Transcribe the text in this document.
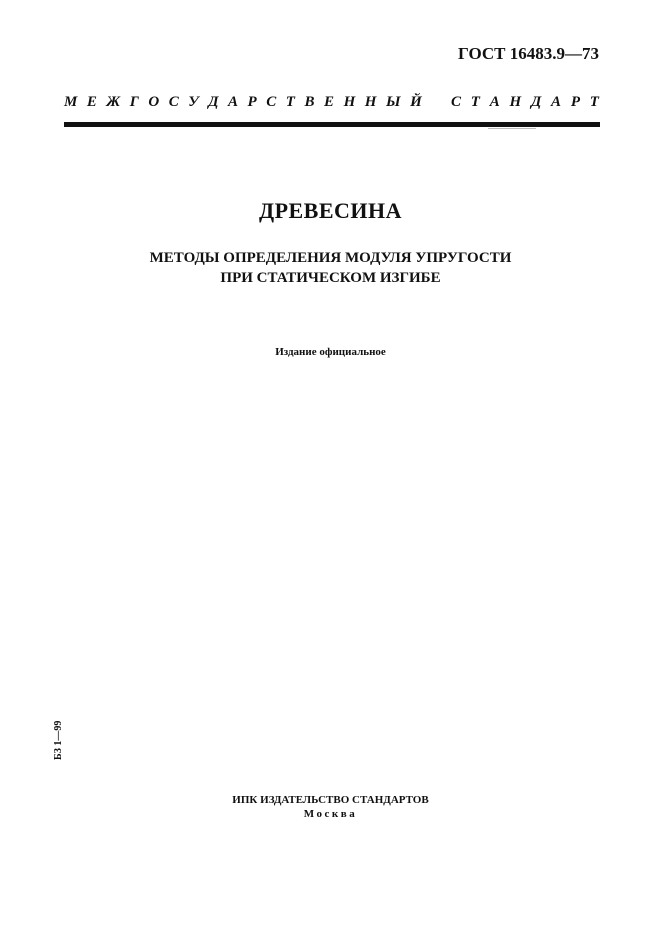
ГОСТ 16483.9—73
М Е Ж Г О С У Д А Р С Т В Е Н Н Ы Й С Т А Н Д А Р Т
ДРЕВЕСИНА
МЕТОДЫ ОПРЕДЕЛЕНИЯ МОДУЛЯ УПРУГОСТИ
ПРИ СТАТИЧЕСКОМ ИЗГИБЕ
Издание официальное
БЗ 1—99
ИПК ИЗДАТЕЛЬСТВО СТАНДАРТОВ
Москва
